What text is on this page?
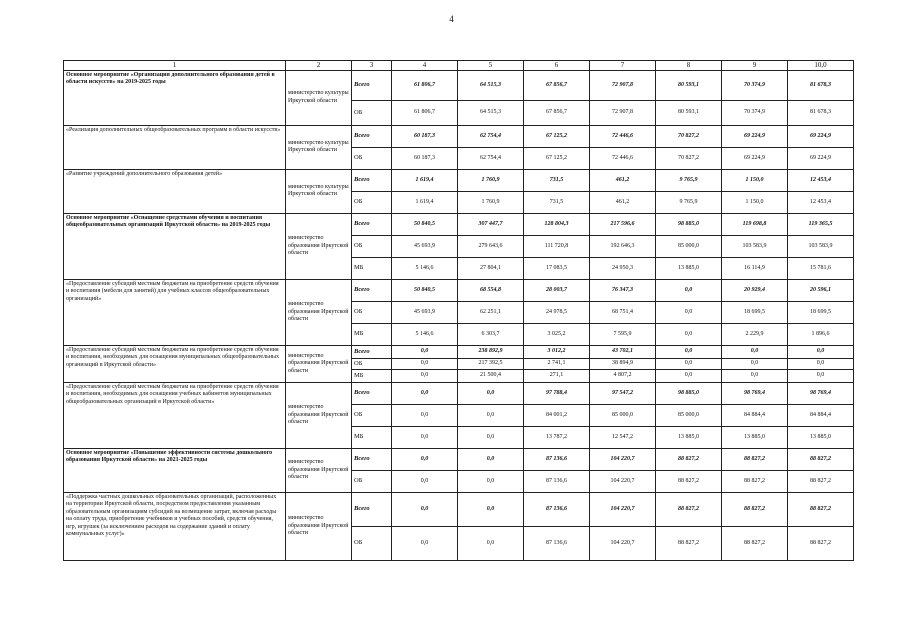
4
1	2	3	4	5	6	7	8	9	10,0
Основное мероприятие «Организация дополнительного образования детей в области искусств» на 2019-2025 годы	министерство культуры Иркутской области	Всего	61 806,7	64 515,3	67 856,7	72 907,8	80 593,1	70 374,9	81 678,3
		ОБ	61 806,7	64 515,3	67 856,7	72 907,8	80 593,1	70 374,9	81 678,3
«Реализация дополнительных общеобразовательных программ в области искусств»	министерство культуры Иркутской области	Всего	60 187,3	62 754,4	67 125,2	72 446,6	70 827,2	69 224,9	69 224,9
		ОБ	60 187,3	62 754,4	67 125,2	72 446,6	70 827,2	69 224,9	69 224,9
«Развитие учреждений дополнительного образования детей»	министерство культуры Иркутской области	Всего	1 619,4	1 760,9	731,5	461,2	9 765,9	1 150,0	12 453,4
		ОБ	1 619,4	1 760,9	731,5	461,2	9 765,9	1 150,0	12 453,4
Основное мероприятие «Оснащение средствами обучения и воспитания общеобразовательных организаций Иркутской области» на 2019-2025 годы	министерство образования Иркутской области	Всего	50 840,5	307 447,7	128 804,3	217 596,6	98 885,0	119 698,8	119 365,5
		ОБ	45 693,9	279 643,6	111 720,8	192 646,3	85 000,0	103 583,9	103 583,9
		МБ	5 146,6	27 804,1	17 083,5	24 950,3	13 885,0	16 114,9	15 781,6
«Предоставление субсидий местным бюджетам на приобретение средств обучения и воспитания (мебели для занятий) для учебных классов общеобразовательных организаций»	министерство образования Иркутской области	Всего	50 840,5	68 554,8	28 003,7	76 347,3	0,0	20 929,4	20 596,1
		ОБ	45 693,9	62 251,1	24 978,5	68 751,4	0,0	18 699,5	18 699,5
		МБ	5 146,6	6 303,7	3 025,2	7 595,9	0,0	2 229,9	1 896,6
«Предоставление субсидий местным бюджетам на приобретение средств обучения и воспитания, необходимых для оснащения муниципальных общеобразовательных организаций в Иркутской области»	министерство образования Иркутской области	Всего	0,0	238 892,9	3 012,2	43 702,1	0,0	0,0	0,0
		ОБ	0,0	217 392,5	2 741,1	38 894,9	0,0	0,0	0,0
		МБ	0,0	21 500,4	271,1	4 807,2	0,0	0,0	0,0
«Предоставление субсидий местным бюджетам на приобретение средств обучения и воспитания, необходимых для оснащения учебных кабинетов муниципальных общеобразовательных организаций в Иркутской области»	министерство образования Иркутской области	Всего	0,0	0,0	97 788,4	97 547,2	98 885,0	98 769,4	98 769,4
		ОБ	0,0	0,0	84 001,2	85 000,0	85 000,0	84 884,4	84 884,4
		МБ	0,0	0,0	13 787,2	12 547,2	13 885,0	13 885,0	13 885,0
Основное мероприятие «Повышение эффективности системы дошкольного образования Иркутской области» на 2021-2025 годы	министерство образования Иркутской области	Всего	0,0	0,0	87 136,6	104 220,7	88 827,2	88 827,2	88 827,2
		ОБ	0,0	0,0	87 136,6	104 220,7	88 827,2	88 827,2	88 827,2
«Поддержка частных дошкольных образовательных организаций, расположенных на территории Иркутской области, посредством предоставления указанным образовательным организациям субсидий на возмещение затрат, включая расходы на оплату труда, приобретение учебников и учебных пособий, средств обучения, игр, игрушек (за исключением расходов на содержание зданий и оплату коммунальных услуг)»	министерство образования Иркутской области	Всего	0,0	0,0	87 136,6	104 220,7	88 827,2	88 827,2	88 827,2
		ОБ	0,0	0,0	87 136,6	104 220,7	88 827,2	88 827,2	88 827,2
